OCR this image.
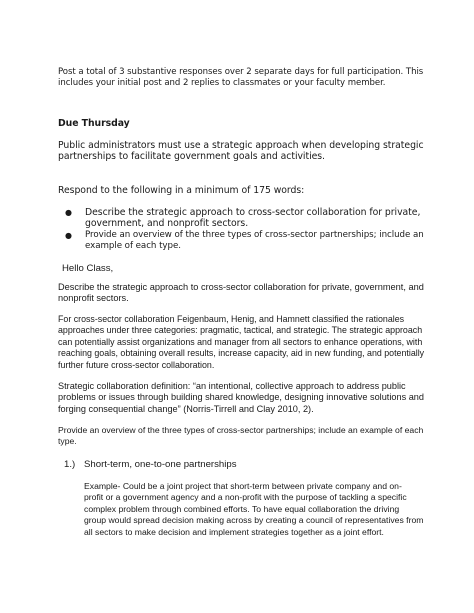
Post a total of 3 substantive responses over 2 separate days for full participation. This
includes your initial post and 2 replies to classmates or your faculty member.
Due Thursday
Public administrators must use a strategic approach when developing strategic
partnerships to facilitate government goals and activities.
Respond to the following in a minimum of 175 words:
● Describe the strategic approach to cross-sector collaboration for private,
government, and nonprofit sectors.
● Provide an overview of the three types of cross-sector partnerships; include an
example of each type.
Hello Class,
Describe the strategic approach to cross-sector collaboration for private, government, and
nonprofit sectors.
For cross-sector collaboration Feigenbaum, Henig, and Hamnett classified the rationales
approaches under three categories: pragmatic, tactical, and strategic. The strategic approach
can potentially assist organizations and manager from all sectors to enhance operations, with
reaching goals, obtaining overall results, increase capacity, aid in new funding, and potentially
further future cross-sector collaboration.
Strategic collaboration definition: “an intentional, collective approach to address public
problems or issues through building shared knowledge, designing innovative solutions and
forging consequential change” (Norris-Tirrell and Clay 2010, 2).
Provide an overview of the three types of cross-sector partnerships; include an example of each
type.
1.) Short-term, one-to-one partnerships
Example- Could be a joint project that short-term between private company and on-
profit or a government agency and a non-profit with the purpose of tackling a specific
complex problem through combined efforts. To have equal collaboration the driving
group would spread decision making across by creating a council of representatives from
all sectors to make decision and implement strategies together as a joint effort.
